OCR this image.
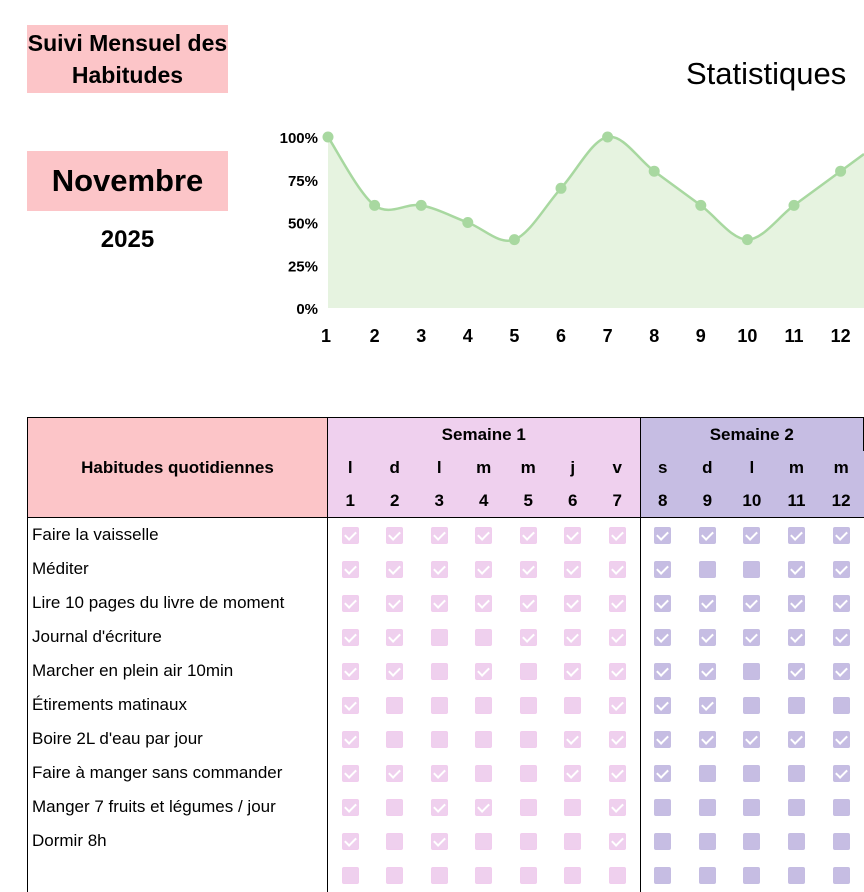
Suivi Mensuel des Habitudes
Novembre
2025
Statistiques
0%
25%
50%
75%
100%
1 2 3 4 5 6 7 8 9 10 11 12
Habitudes quotidiennes	Semaine 1							Semaine 2				
	l	d	l	m	m	j	v	s	d	l	m	m
	1	2	3	4	5	6	7	8	9	10	11	12
Faire la vaisselle												
Méditer												
Lire 10 pages du livre de moment												
Journal d'écriture												
Marcher en plein air 10min												
Étirements matinaux												
Boire 2L d'eau par jour												
Faire à manger sans commander												
Manger 7 fruits et légumes / jour												
Dormir 8h												
